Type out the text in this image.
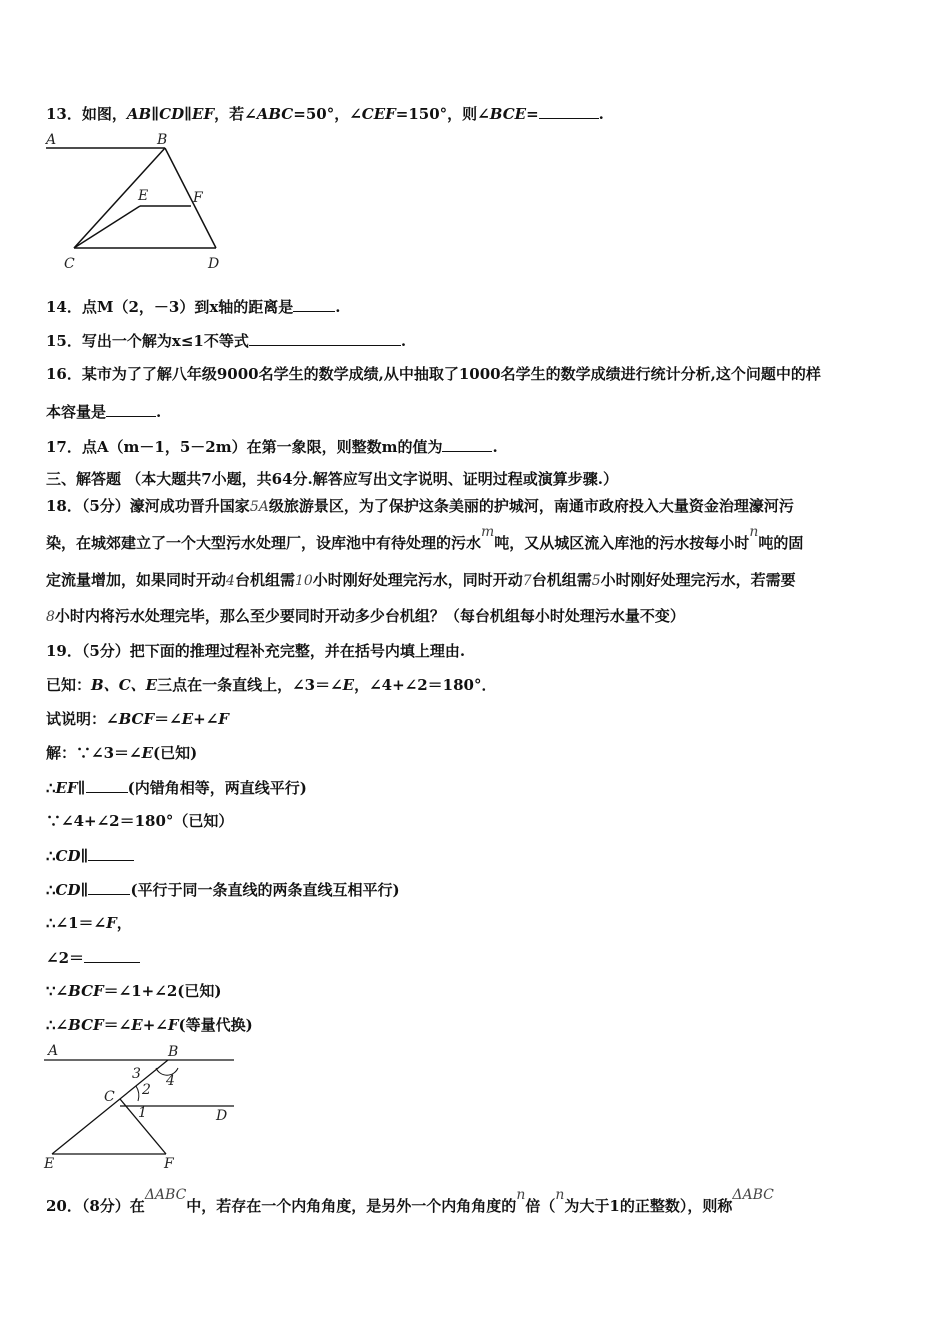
13．如图，AB∥CD∥EF，若∠ABC=50°，∠CEF=150°，则∠BCE=	.
A	B
E	F
C	D
14．点M（2，－3）到x轴的距离是	.
15．写出一个解为x≤1不等式	.
16．某市为了了解八年级9000名学生的数学成绩,从中抽取了1000名学生的数学成绩进行统计分析,这个问题中的样
本容量是	.
17．点A（m－1，5－2m）在第一象限，则整数m的值为	.
三、解答题 （本大题共7小题，共64分.解答应写出文字说明、证明过程或演算步骤.）
18．（5分）濠河成功晋升国家5A级旅游景区，为了保护这条美丽的护城河，南通市政府投入大量资金治理濠河污
染，在城郊建立了一个大型污水处理厂，设库池中有待处理的污水m吨，又从城区流入库池的污水按每小时n吨的固
定流量增加，如果同时开动4台机组需10小时刚好处理完污水，同时开动7台机组需5小时刚好处理完污水，若需要
8小时内将污水处理完毕，那么至少要同时开动多少台机组？（每台机组每小时处理污水量不变）
19．（5分）把下面的推理过程补充完整，并在括号内填上理由.
已知：B、C、E三点在一条直线上，∠3＝∠E，∠4+∠2＝180°．
试说明：∠BCF＝∠E+∠F
解：∵∠3＝∠E(已知)
∴EF∥	(内错角相等，两直线平行)
∵∠4+∠2＝180°（已知）
∴CD∥
∴CD∥	(平行于同一条直线的两条直线互相平行)
∴∠1＝∠F，
∠2＝
∵∠BCF＝∠1+∠2(已知)
∴∠BCF＝∠E+∠F(等量代换)
A	B
C
D
E	F
1
2
3 4
20．（8分）在ΔABC中，若存在一个内角角度，是另外一个内角角度的n倍（n为大于1的正整数），则称ΔABC
